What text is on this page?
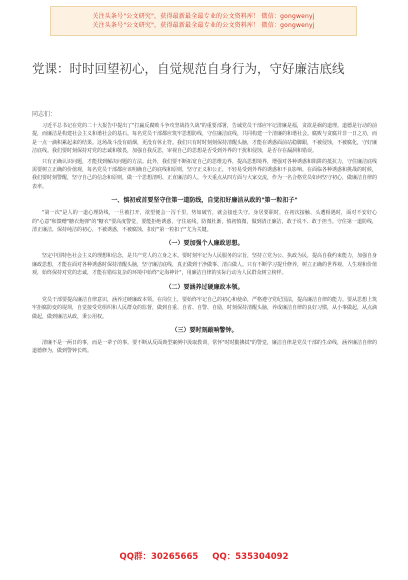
关注头条号"公文研究"，获得最新最全最专业的公文资料库！ 微信：gongwenyj
关注头条号"公文研究"，获得最新最全最专业的公文资料库！ 微信：gongwenyj
党课：时时回望初心，自觉规范自身行为，守好廉洁底线
同志们：

习近平总书记在党的二十大报告中提出了"打赢反腐败斗争攻坚战持久战"的重要部署，告诫党员干部应牢记清廉是福，贪欲是祸的道理。道德是行动的前提，而廉洁是构建社会主义和谐社会的基石。每名党员干部都应筑牢思想防线，守住廉洁底线，共同构建一个清廉的和谐社会。腐败与贪腐并非一日之功，而是一点一滴积累起来的结果。这场战斗没有硝烟，更没有休止符。我们只有时时刻刻保持清醒头脑，才能在诱惑面前站稳脚跟，不被侵蚀，不被腐化，守好廉洁底线。我们要时刻保持对党的忠诚和敬畏，加强自我反思，审视自己的思想是否受到外界的干扰和侵蚀，是否存在漏洞和错误。

只有正确认识问题，才能找到解决问题的方法。此外，我们要不断拓宽自己的思维边界，提高思想境界，增强对各种诱惑和陷阱的抵抗力，守住廉洁底线需要树立正确的价值观，每名党员干部都应该明确自己的底线和原则，坚守正义和公正，不轻易受到外界的诱惑和不良影响。在面临各种诱惑和挑战的时候，我们要时刻警醒，坚守自己的信念和原则，做一个思想清明、正直廉洁的人。今天重点从四方面与大家交流，作为一名合格党员如何坚守初心，做廉洁自律的表率。

一、慎初戒首要坚守住第一道防线，自觉扣好廉洁从政的"第一粒扣子"

"第一次"是人的一道心理防线，一旦被打开，欲望便会一泻千里，势如破竹，就会接连失守。身居要职时，在初次接触、头遭相遇时，面对不安好心的"心意"和馈赠"糖衣炮弹"的"糖衣"要高度警觉，要能拒绝诱惑，守住底线，防微杜渐，慎初慎微，做到清正廉洁，敢于说不、敢于担当。守住第一道防线，清正廉洁，保持纯洁的初心，不被诱惑，不被腐蚀，扣好"第一粒扣子"尤为关键。

（一）要加强个人廉政思想。

坚定中国特色社会主义的理想和信念，是共产党人的立身之本。要时刻牢记为人民服务的宗旨，坚持立党为公、执政为民，提高自我约束能力，加强自身廉政思想，才能在面对各种诱惑时保持清醒头脑，坚守廉洁底线，真正做到干净做事、清白做人。只有不断学习提升修养，树立正确的世界观、人生观和价值观，始终保持对党的忠诚，才能在错综复杂的环境中始终"定海神针"，用廉洁自律的实际行动为人民群众树立榜样。

（二）要涵养过硬廉政本领。

党员干部要提高廉洁自律意识，涵养过硬廉政本领。在岗位上，要始终牢记自己的初心和使命，严格遵守党纪国法，提高廉洁自律的能力。要从思想上筑牢拒腐防变的堤坝，自觉接受党组织和人民群众的监督，做到自重、自省、自警、自励，时刻保持清醒头脑，养成廉洁自律的良好习惯，从小事做起，从点滴做起，做到廉洁从政，秉公用权。

（三）要时刻敲响警钟。

清廉不是一两日的事，而是一辈子的事。要不断从反面典型案例中汲取教训，常怀"时时勤拂拭"的警觉，廉洁自律是党员干部的生命线，涵养廉洁自律的道德修为，做到警钟长鸣。

QQ群：30265665 QQ：535304092
